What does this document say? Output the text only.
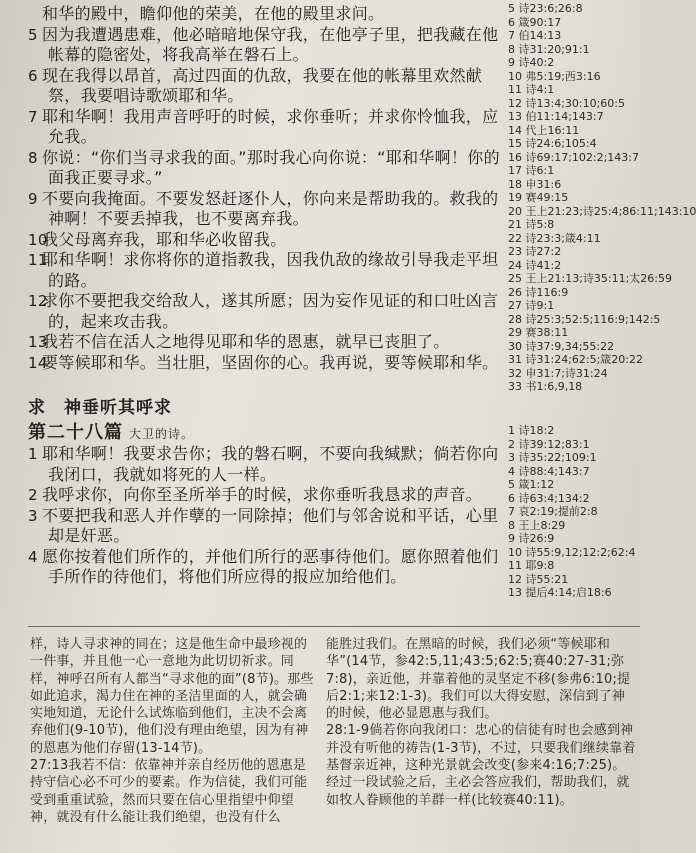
和华的殿中，瞻仰他的荣美，在他的殿里求问。
5 因为我遭遇患难，他必暗暗地保守我，在他亭子里，把我藏在他帐幕的隐密处，将我高举在磐石上。
6 现在我得以昂首，高过四面的仇敌，我要在他的帐幕里欢然献祭，我要唱诗歌颂耶和华。
7 耶和华啊！我用声音呼吁的时候，求你垂听；并求你怜恤我，应允我。
8 你说：“你们当寻求我的面。”那时我心向你说：“耶和华啊！你的面我正要寻求。”
9 不要向我掩面。不要发怒赶逐仆人，你向来是帮助我的。救我的 神啊！不要丢掉我，也不要离弃我。
10我父母离弃我，耶和华必收留我。
11耶和华啊！求你将你的道指教我，因我仇敌的缘故引导我走平坦的路。
12求你不要把我交给敌人，遂其所愿；因为妄作见证的和口吐凶言的，起来攻击我。
13我若不信在活人之地得见耶和华的恩惠，就早已丧胆了。
14要等候耶和华。当壮胆，坚固你的心。我再说，要等候耶和华。
求　神垂听其呼求
第二十八篇 大卫的诗。
1 耶和华啊！我要求告你；我的磐石啊，不要向我缄默；倘若你向我闭口，我就如将死的人一样。
2 我呼求你，向你至圣所举手的时候，求你垂听我恳求的声音。
3 不要把我和恶人并作孽的一同除掉；他们与邻舍说和平话，心里却是奸恶。
4 愿你按着他们所作的，并他们所行的恶事待他们。愿你照着他们手所作的待他们，将他们所应得的报应加给他们。
5 诗23:6;26:8
6 箴90:17
7 伯14:13
8 诗31:20;91:1
9 诗40:2
10 弗5:19;西3:16
11 诗4:1
12 诗13:4;30:10;60:5
13 伯11:14;143:7
14 代上16:11
15 诗24:6;105:4
16 诗69:17;102:2;143:7
17 诗6:1
18 申31:6
19 赛49:15
20 王上21:23;诗25:4;86:11;143:10
21 诗5:8
22 诗23:3;箴4:11
23 诗27:2
24 诗41:2
25 王上21:13;诗35:11;太26:59
26 诗116:9
27 诗9:1
28 诗25:3;52:5;116:9;142:5
29 赛38:11
30 诗37:9,34;55:22
31 诗31:24;62:5;箴20:22
32 申31:7;诗31:24
33 书1:6,9,18
1 诗18:2
2 诗39:12;83:1
3 诗35:22;109:1
4 诗88:4;143:7
5 箴1:12
6 诗63:4;134:2
7 哀2:19;提前2:8
8 王上8:29
9 诗26:9
10 诗55:9,12;12:2;62:4
11 耶9:8
12 诗55:21
13 提后4:14;启18:6

样，诗人寻求神的同在；这是他生命中最珍视的一件事，并且他一心一意地为此切切祈求。同样，神呼召所有人都当“寻求他的面”(8节)。那些如此追求，渴力住在神的圣洁里面的人，就会确实地知道，无论什么试炼临到他们，主决不会离弃他们(9-10节)，他们没有理由绝望，因为有神的恩惠为他们存留(13-14节)。

27:13我若不信：依靠神并亲自经历他的恩惠是持守信心必不可少的要素。作为信徒，我们可能受到重重试验，然而只要在信心里指望中仰望神，就没有什么能让我们绝望，也没有什么

能胜过我们。在黑暗的时候，我们必须“等候耶和华”(14节，参42:5,11;43:5;62:5;赛40:27-31;弥7:8)，亲近他，并靠着他的灵坚定不移(参弗6:10;提后2:1;来12:1-3)。我们可以大得安慰，深信到了神的时候，他必显恩惠与我们。

28:1-9倘若你向我闭口：忠心的信徒有时也会感到神并没有听他的祷告(1-3节)，不过，只要我们继续靠着基督亲近神，这种光景就会改变(参来4:16;7:25)。经过一段试验之后，主必会答应我们，帮助我们，就如牧人眷顾他的羊群一样(比较赛40:11)。
